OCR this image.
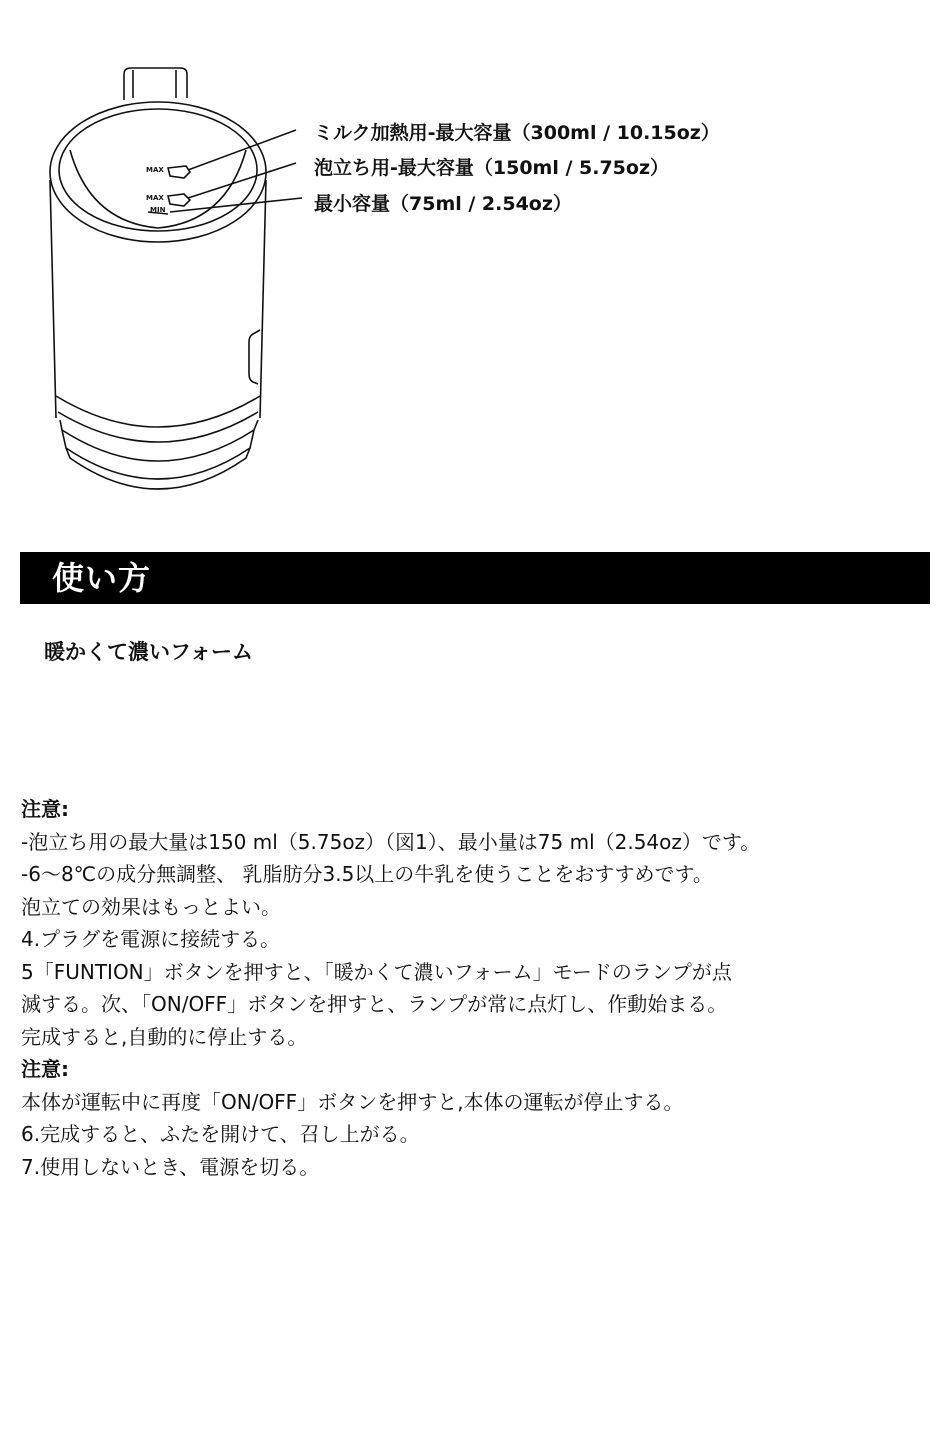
MAX
MAX
MIN
ミルク加熱用-最大容量（300ml / 10.15oz）
泡立ち用-最大容量（150ml / 5.75oz）
最小容量（75ml / 2.54oz）
使い方
暖かくて濃いフォーム
注意:
-泡立ち用の最大量は150 ml（5.75oz）（図1）、最小量は75 ml（2.54oz）です。
-6～8℃の成分無調整、 乳脂肪分3.5以上の牛乳を使うことをおすすめです。
泡立ての効果はもっとよい。
4.プラグを電源に接続する。
5「FUNTION」ボタンを押すと、「暖かくて濃いフォーム」モードのランプが点
滅する。次、「ON/OFF」ボタンを押すと、ランプが常に点灯し、作動始まる。
完成すると,自動的に停止する。
注意:
本体が運転中に再度「ON/OFF」ボタンを押すと,本体の運転が停止する。
6.完成すると、ふたを開けて、召し上がる。
7.使用しないとき、電源を切る。
